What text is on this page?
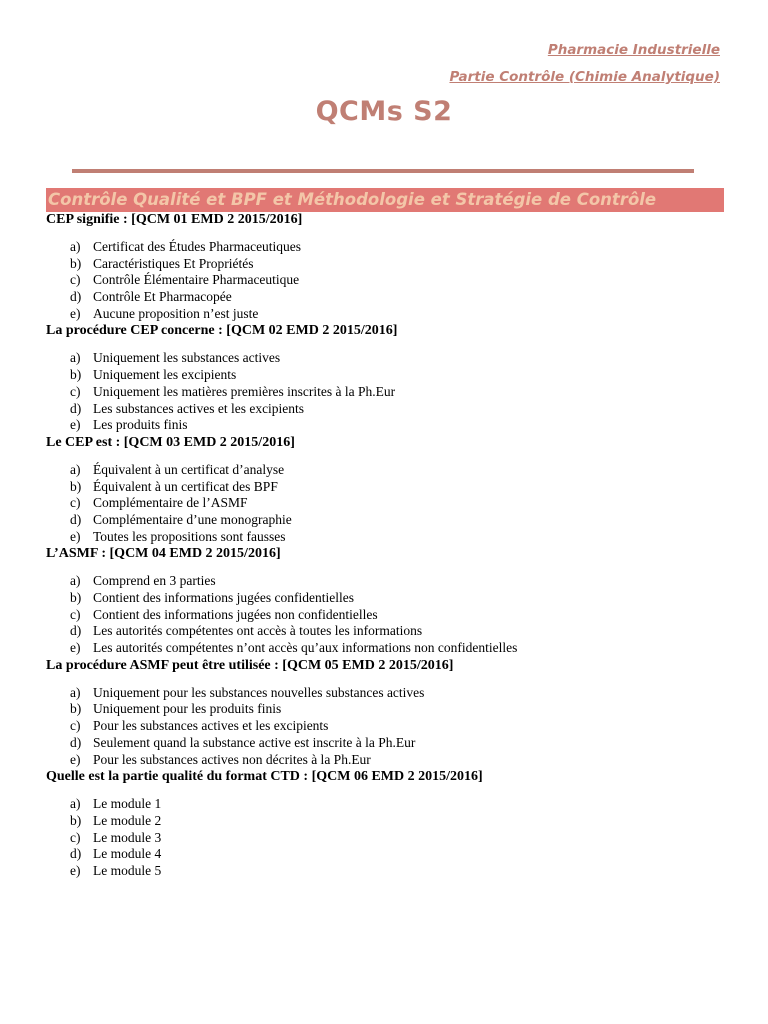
Pharmacie Industrielle
Partie Contrôle (Chimie Analytique)
QCMs S2
Contrôle Qualité et BPF et Méthodologie et Stratégie de Contrôle
CEP signifie : [QCM 01 EMD 2 2015/2016]
a) Certificat des Études Pharmaceutiques
b) Caractéristiques Et Propriétés
c) Contrôle Élémentaire Pharmaceutique
d) Contrôle Et Pharmacopée
e) Aucune proposition n’est juste
La procédure CEP concerne : [QCM 02 EMD 2 2015/2016]
a) Uniquement les substances actives
b) Uniquement les excipients
c) Uniquement les matières premières inscrites à la Ph.Eur
d) Les substances actives et les excipients
e) Les produits finis
Le CEP est : [QCM 03 EMD 2 2015/2016]
a) Équivalent à un certificat d’analyse
b) Équivalent à un certificat des BPF
c) Complémentaire de l’ASMF
d) Complémentaire d’une monographie
e) Toutes les propositions sont fausses
L’ASMF : [QCM 04 EMD 2 2015/2016]
a) Comprend en 3 parties
b) Contient des informations jugées confidentielles
c) Contient des informations jugées non confidentielles
d) Les autorités compétentes ont accès à toutes les informations
e) Les autorités compétentes n’ont accès qu’aux informations non confidentielles
La procédure ASMF peut être utilisée : [QCM 05 EMD 2 2015/2016]
a) Uniquement pour les substances nouvelles substances actives
b) Uniquement pour les produits finis
c) Pour les substances actives et les excipients
d) Seulement quand la substance active est inscrite à la Ph.Eur
e) Pour les substances actives non décrites à la Ph.Eur
Quelle est la partie qualité du format CTD : [QCM 06 EMD 2 2015/2016]
a) Le module 1
b) Le module 2
c) Le module 3
d) Le module 4
e) Le module 5
